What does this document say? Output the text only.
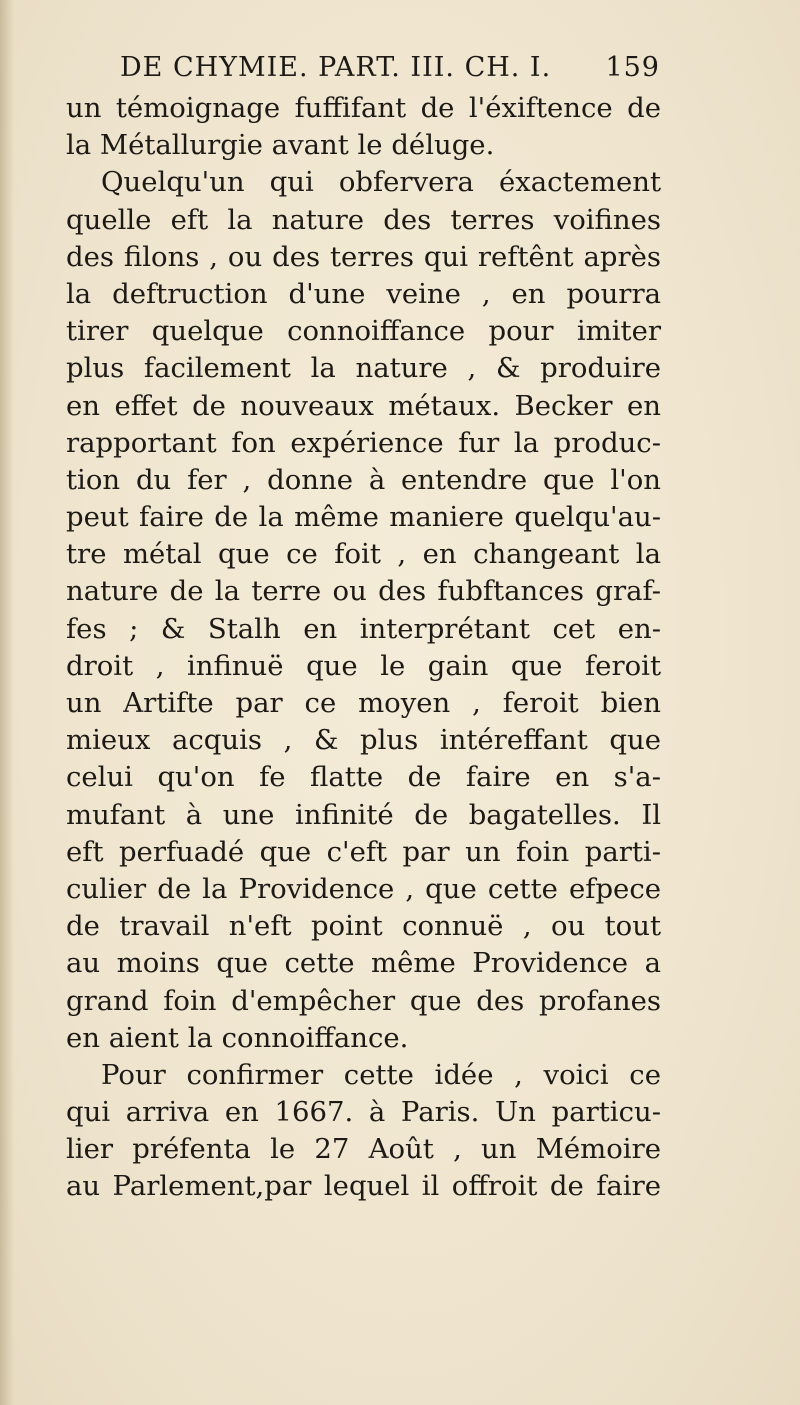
DE CHYMIE. PART. III. CH. I. 159
un témoignage fuffifant de l'éxiftence de
la Métallurgie avant le déluge.
Quelqu'un qui obfervera éxactement
quelle eft la nature des terres voifines
des filons , ou des terres qui reftênt après
la deftruction d'une veine , en pourra
tirer quelque connoiffance pour imiter
plus facilement la nature , & produire
en effet de nouveaux métaux. Becker en
rapportant fon expérience fur la produc-
tion du fer , donne à entendre que l'on
peut faire de la même maniere quelqu'au-
tre métal que ce foit , en changeant la
nature de la terre ou des fubftances graf-
fes ; & Stalh en interprétant cet en-
droit , infinuë que le gain que feroit
un Artifte par ce moyen , feroit bien
mieux acquis , & plus intéreffant que
celui qu'on fe flatte de faire en s'a-
mufant à une infinité de bagatelles. Il
eft perfuadé que c'eft par un foin parti-
culier de la Providence , que cette efpece
de travail n'eft point connuë , ou tout
au moins que cette même Providence a
grand foin d'empêcher que des profanes
en aient la connoiffance.
Pour confirmer cette idée , voici ce
qui arriva en 1667. à Paris. Un particu-
lier préfenta le 27 Août , un Mémoire
au Parlement,par lequel il offroit de faire
